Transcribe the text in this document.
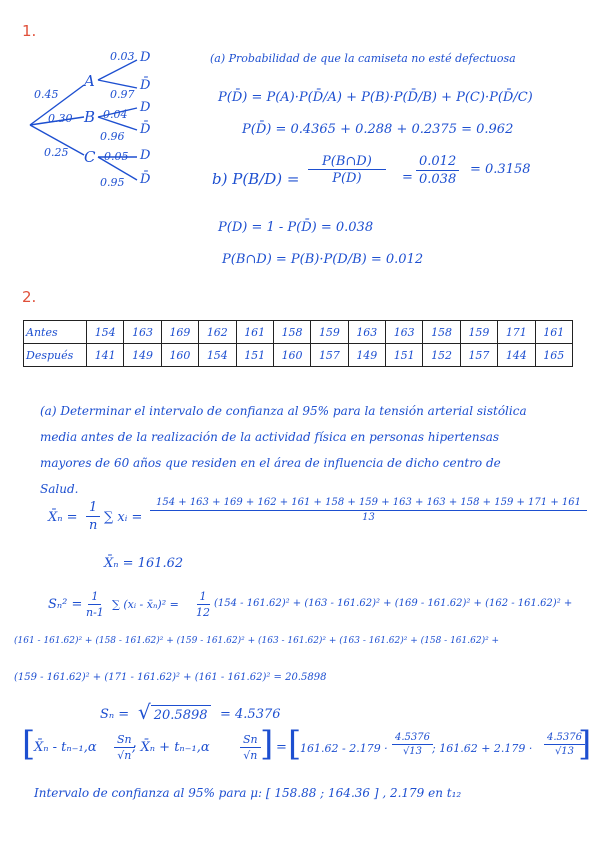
1.
0.45
A
0.03 D
0.97
D̄
0.30 B 0.04 D
0.96 D̄
0.25 C 0.05 D
0.95 D̄
(a) Probabilidad de que la camiseta no esté defectuosa
P(D̄) = P(A)·P(D̄/A) + P(B)·P(D̄/B) + P(C)·P(D̄/C)
P(D̄) = 0.4365 + 0.288 + 0.2375 = 0.962
b) $P(B/D) = \frac{P(B\cap D)}{P(D)} = \frac{0.012}{0.038} = 0.3158$
P(D) = 1 - P(D̄) = 0.038
P(B∩D) = P(B)·P(D/B) = 0.012
2.
Antes	154	163	169	162	161	158	159	163	163	158	159	171	161
Después	141	149	160	154	151	160	157	149	151	152	157	144	165
(a) Determinar el intervalo de confianza al 95% para la tensión arterial sistólica
media antes de la realización de la actividad física en personas hipertensas
mayores de 60 años que residen en el área de influencia de dicho centro de
Salud.
X̄ₙ = $\frac{1}{n}$ ∑ xᵢ =
154 + 163 + 169 + 162 + 161 + 158 + 159 + 163 + 163 + 158 + 159 + 171 + 161
13
X̄ₙ = 161.62
$S_n^2 = \frac{1}{n-1}$ ∑ (xᵢ - x̄ₙ)² = $\frac{1}{12} (154 - 161.62)^2 + (163 - 161.62)^2 + (169 - 161.62)^2 + (162 - 161.62)^2$ +
(161 - 161.62)² + (158 - 161.62)² + (159 - 161.62)² + (163 - 161.62)² + (163 - 161.62)² + (158 - 161.62)² +
(159 - 161.62)² + (171 - 161.62)² + (161 - 161.62)² = 20.5898
Sₙ = √ 20.5898 = 4.5376
[
X̄ₙ - $t_{n-1},\alpha \frac{Sn}{√n}$
; X̄ₙ + tₙ₋₁,α	$\frac{Sn}{√n}$ ] = [
$161.62 - 2.179 \cdot \frac{4.5376}{√13}$ ; $161.62 + 2.179 \cdot \frac{4.5376}{√13}$
]
Intervalo de confianza al 95% para μ: [ 158.88 ; 164.36 ] , 2.179 en t₁₂
